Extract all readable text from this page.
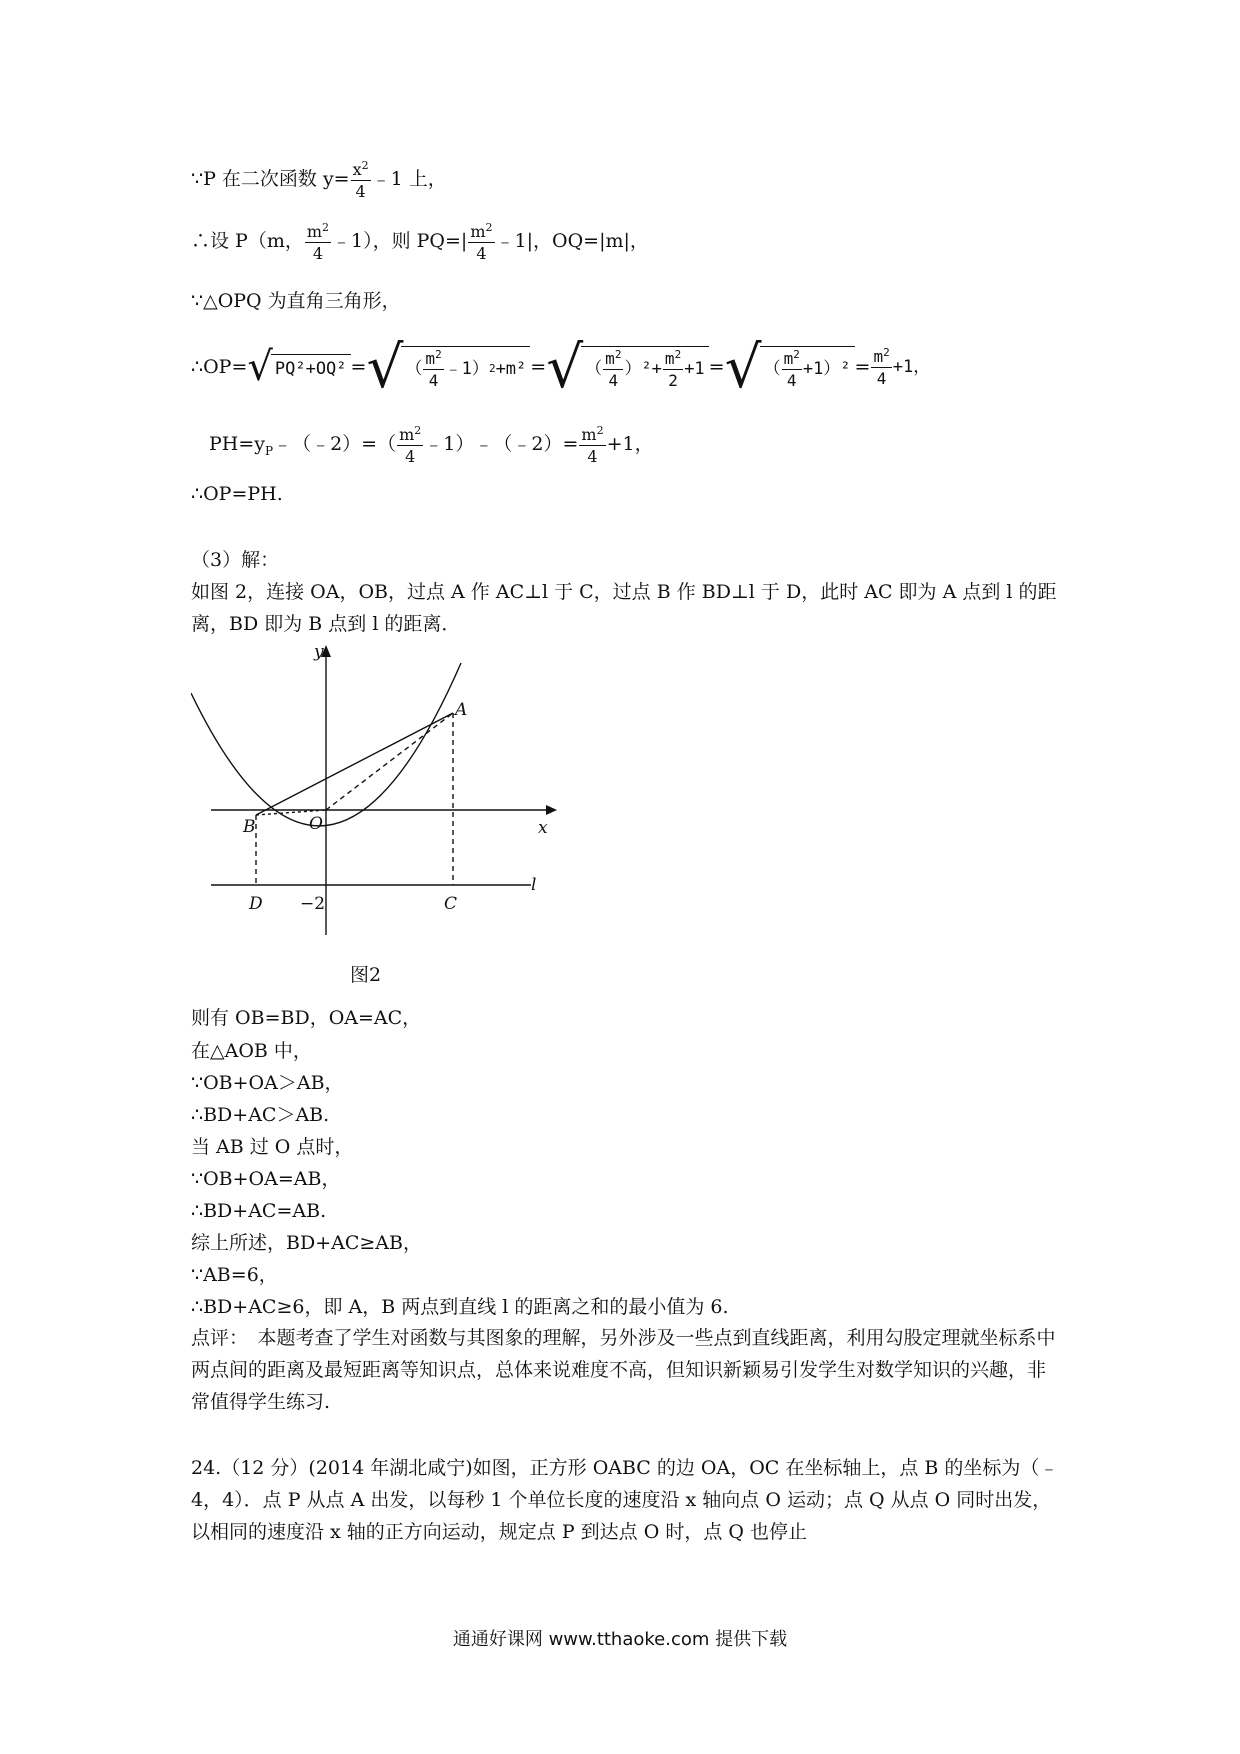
∵P 在二次函数 $y= \frac{x^2}{4}$ ﹣1 上，
∴设 P（m， $\frac{m^2}{4}$ ﹣1），则 $PQ=| \frac{m^2}{4}$ ﹣1|，OQ=|m|，
∵△OPQ 为直角三角形，
∴OP= √ PQ²+OQ² = √ （ $\frac{m^2}{4}$ ﹣1） 2 +m² = √ （ $\frac{m^2}{4} )^2+ \frac{m^2}{2} +1$ = √ （ $\frac{m^2}{4} +1)^2 = \frac{m^2}{4} +1$，
$PH=y_P﹣(﹣2)=( \frac{m^2}{4}$ ﹣1）﹣（﹣2）= $\frac{m^2}{4} +1$，
∴OP=PH.
（3）解：
如图 2，连接 OA，OB，过点 A 作 AC⊥l 于 C，过点 B 作 BD⊥l 于 D，此时 AC 即为 A 点到 l 的距离，BD 即为 B 点到 l 的距离．
y
x
A
B	O
D	C
l
−2
图2
则有 OB=BD，OA=AC，
在△AOB 中，
∵OB+OA＞AB，
∴BD+AC＞AB.
当 AB 过 O 点时，
∵OB+OA=AB，
∴BD+AC=AB.
综上所述，BD+AC≥AB，
∵AB=6，
∴BD+AC≥6，即 A，B 两点到直线 l 的距离之和的最小值为 6.
点评：　本题考查了学生对函数与其图象的理解，另外涉及一些点到直线距离，利用勾股定理就坐标系中两点间的距离及最短距离等知识点，总体来说难度不高，但知识新颖易引发学生对数学知识的兴趣，非常值得学生练习.
24.（12 分）(2014 年湖北咸宁)如图，正方形 OABC 的边 OA，OC 在坐标轴上，点 B 的坐标为（﹣4，4）．点 P 从点 A 出发，以每秒 1 个单位长度的速度沿 x 轴向点 O 运动；点 Q 从点 O 同时出发，以相同的速度沿 x 轴的正方向运动，规定点 P 到达点 O 时，点 Q 也停止
通通好课网 www.tthaoke.com 提供下载
